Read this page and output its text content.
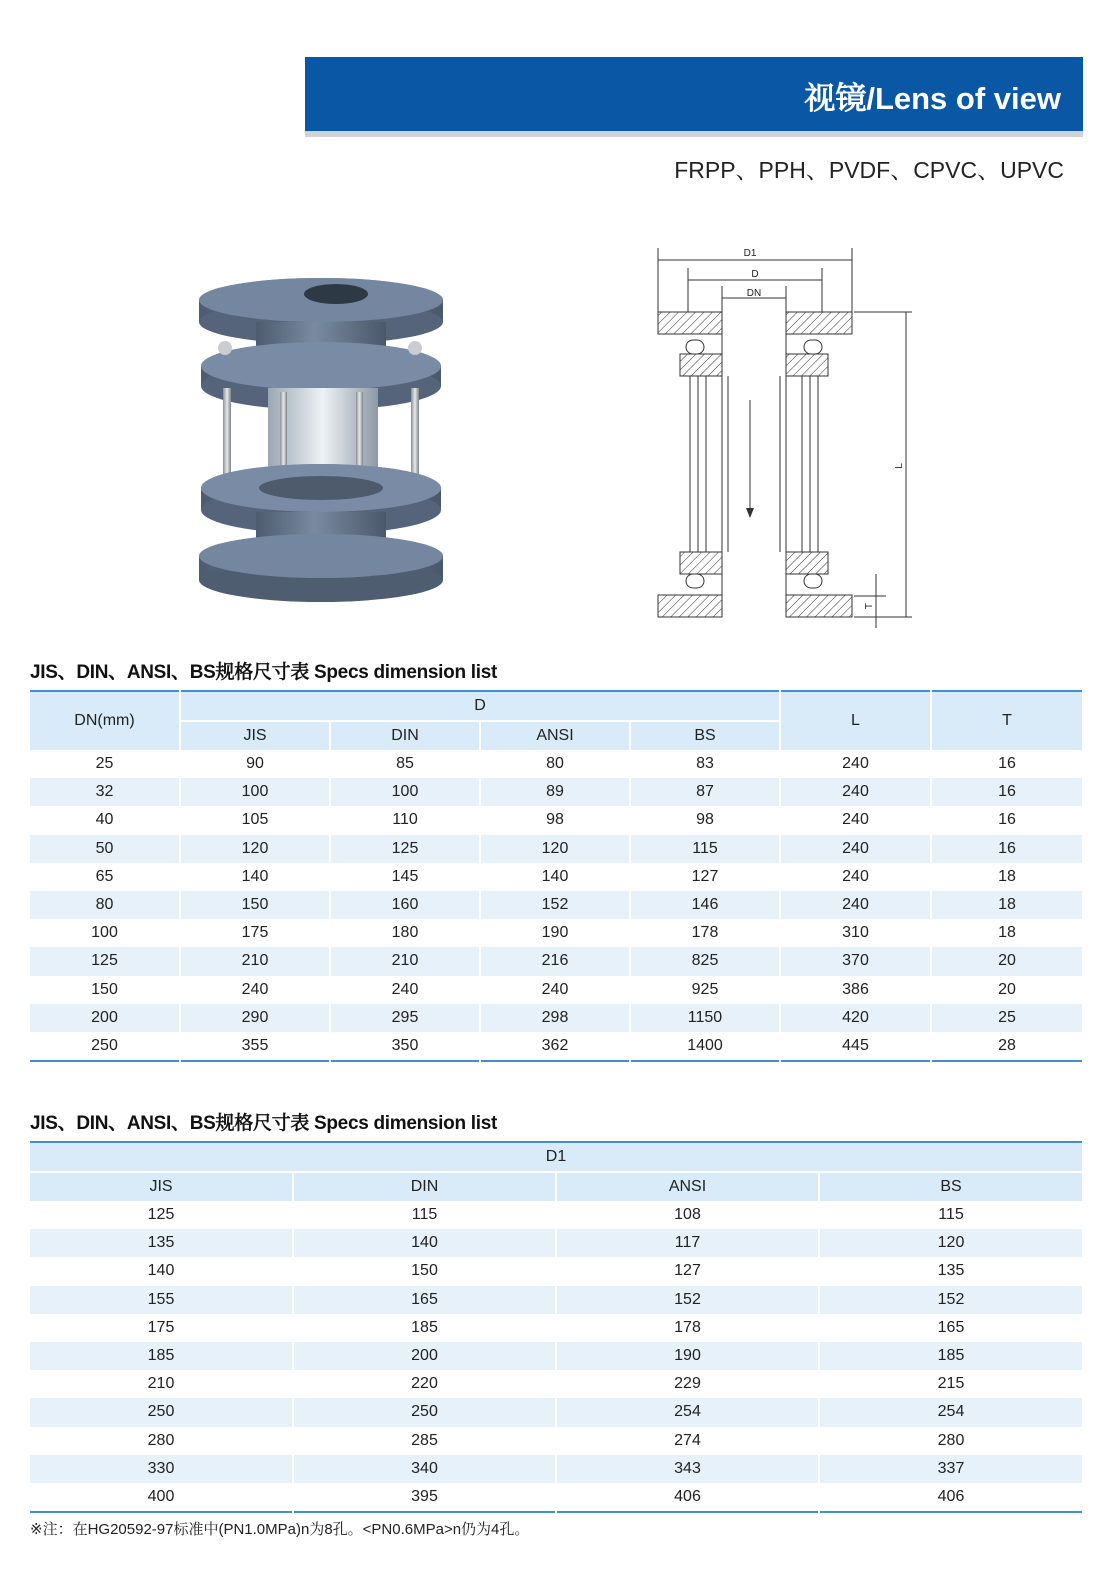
视镜/Lens of view
FRPP、PPH、PVDF、CPVC、UPVC
D1
D
DN
L
T
JIS、DIN、ANSI、BS规格尺寸表 Specs dimension list
DN(mm)	D				L	T
	JIS	DIN	ANSI	BS		
25	90	85	80	83	240	16
32	100	100	89	87	240	16
40	105	110	98	98	240	16
50	120	125	120	115	240	16
65	140	145	140	127	240	18
80	150	160	152	146	240	18
100	175	180	190	178	310	18
125	210	210	216	825	370	20
150	240	240	240	925	386	20
200	290	295	298	1150	420	25
250	355	350	362	1400	445	28
JIS、DIN、ANSI、BS规格尺寸表 Specs dimension list
D1			
JIS	DIN	ANSI	BS
125	115	108	115
135	140	117	120
140	150	127	135
155	165	152	152
175	185	178	165
185	200	190	185
210	220	229	215
250	250	254	254
280	285	274	280
330	340	343	337
400	395	406	406
※注：在HG20592-97标准中(PN1.0MPa)n为8孔。<PN0.6MPa>n仍为4孔。
